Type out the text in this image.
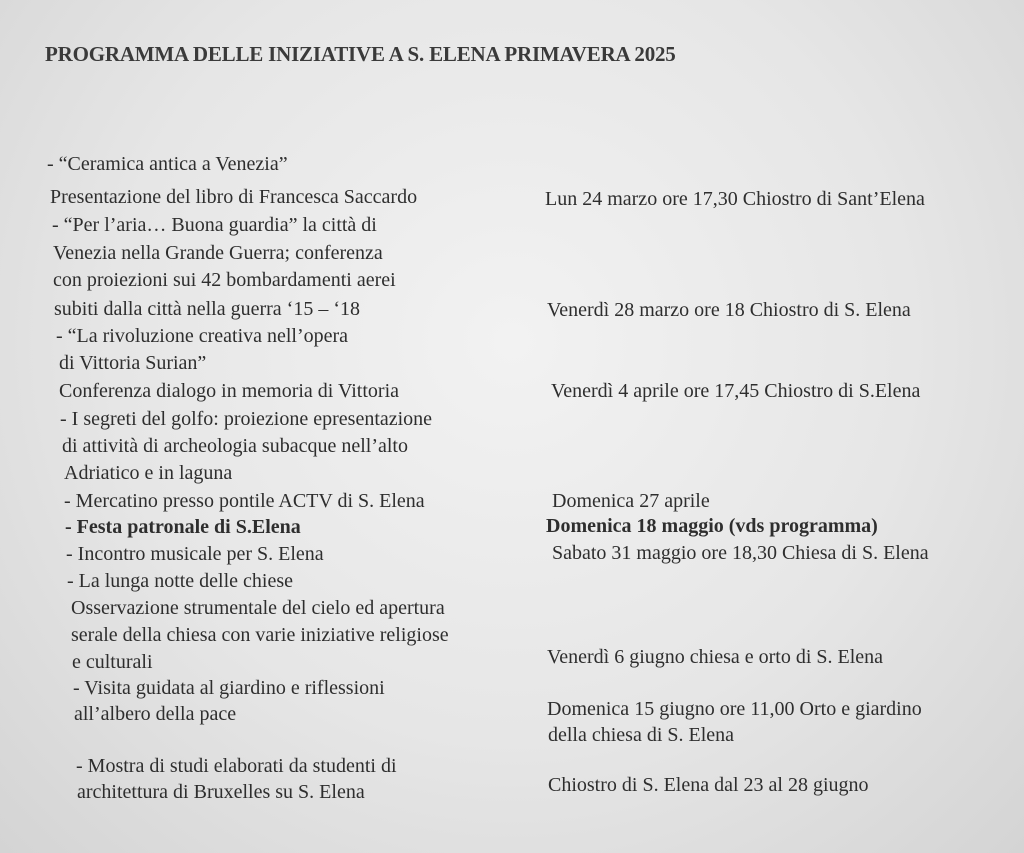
PROGRAMMA DELLE INIZIATIVE A S. ELENA PRIMAVERA 2025
- “Ceramica antica a Venezia”
Presentazione del libro di Francesca Saccardo	Lun 24 marzo ore 17,30 Chiostro di Sant’Elena
- “Per l’aria… Buona guardia” la città di
Venezia nella Grande Guerra; conferenza
con proiezioni sui 42 bombardamenti aerei
subiti dalla città nella guerra ‘15 – ‘18	Venerdì 28 marzo ore 18 Chiostro di S. Elena
- “La rivoluzione creativa nell’opera
di Vittoria Surian”
Conferenza dialogo in memoria di Vittoria	Venerdì 4 aprile ore 17,45 Chiostro di S.Elena
- I segreti del golfo: proiezione epresentazione
di attività di archeologia subacque nell’alto
Adriatico e in laguna
- Mercatino presso pontile ACTV di S. Elena	Domenica 27 aprile
- Festa patronale di S.Elena	Domenica 18 maggio (vds programma)
- Incontro musicale per S. Elena	Sabato 31 maggio ore 18,30 Chiesa di S. Elena
- La lunga notte delle chiese
Osservazione strumentale del cielo ed apertura
serale della chiesa con varie iniziative religiose
e culturali	Venerdì 6 giugno chiesa e orto di S. Elena
- Visita guidata al giardino e riflessioni
all’albero della pace	Domenica 15 giugno ore 11,00 Orto e giardino
della chiesa di S. Elena
- Mostra di studi elaborati da studenti di
architettura di Bruxelles su S. Elena	Chiostro di S. Elena dal 23 al 28 giugno
